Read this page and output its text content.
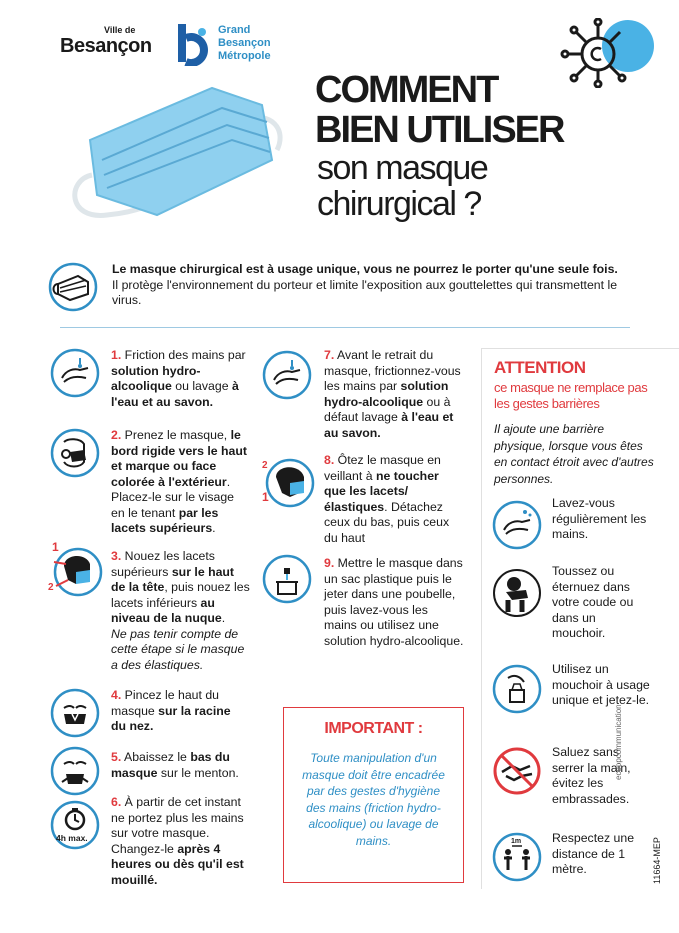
Ville de
Besançon
Grand
Besançon
Métropole
COMMENT
BIEN UTILISER
son masque
chirurgical ?
Le masque chirurgical est à usage unique, vous ne pourrez le porter qu'une seule fois. Il protège l'environnement du porteur et limite l'exposition aux gouttelettes qui transmettent le virus.
1. Friction des mains par solution hydro-alcoolique ou lavage à l'eau et au savon.
2. Prenez le masque, le bord rigide vers le haut et marque ou face colorée à l'extérieur. Placez-le sur le visage en le tenant par les lacets supérieurs.
1
2
3. Nouez les lacets supérieurs sur le haut de la tête, puis nouez les lacets inférieurs au niveau de la nuque.
Ne pas tenir compte de cette étape si le masque a des élastiques.
4. Pincez le haut du masque sur la racine du nez.
5. Abaissez le bas du masque sur le menton.
4h max.
6. À partir de cet instant ne portez plus les mains sur votre masque. Changez-le après 4 heures ou dès qu'il est mouillé.
7. Avant le retrait du masque, frictionnez-vous les mains par solution hydro-alcoolique ou à défaut lavage à l'eau et au savon.
2
1
8. Ôtez le masque en veillant à ne toucher que les lacets/ élastiques. Détachez ceux du bas, puis ceux du haut
9. Mettre le masque dans un sac plastique puis le jeter dans une poubelle, puis lavez-vous les mains ou utilisez une solution hydro-alcoolique.
IMPORTANT :
Toute manipulation d'un masque doit être encadrée par des gestes d'hygiène des mains (friction hydro-alcoolique) ou lavage de mains.
ATTENTION
ce masque ne remplace pas les gestes barrières
Il ajoute une barrière physique, lorsque vous êtes en contact étroit avec d'autres personnes.
Lavez-vous régulièrement les mains.
Toussez ou éternuez dans votre coude ou dans un mouchoir.
Utilisez un mouchoir à usage unique et jetez-le.
Saluez sans serrer la main, évitez les embrassades.
1m	Respectez une distance de 1 mètre.
ecoopcommunication
11664-MEP
